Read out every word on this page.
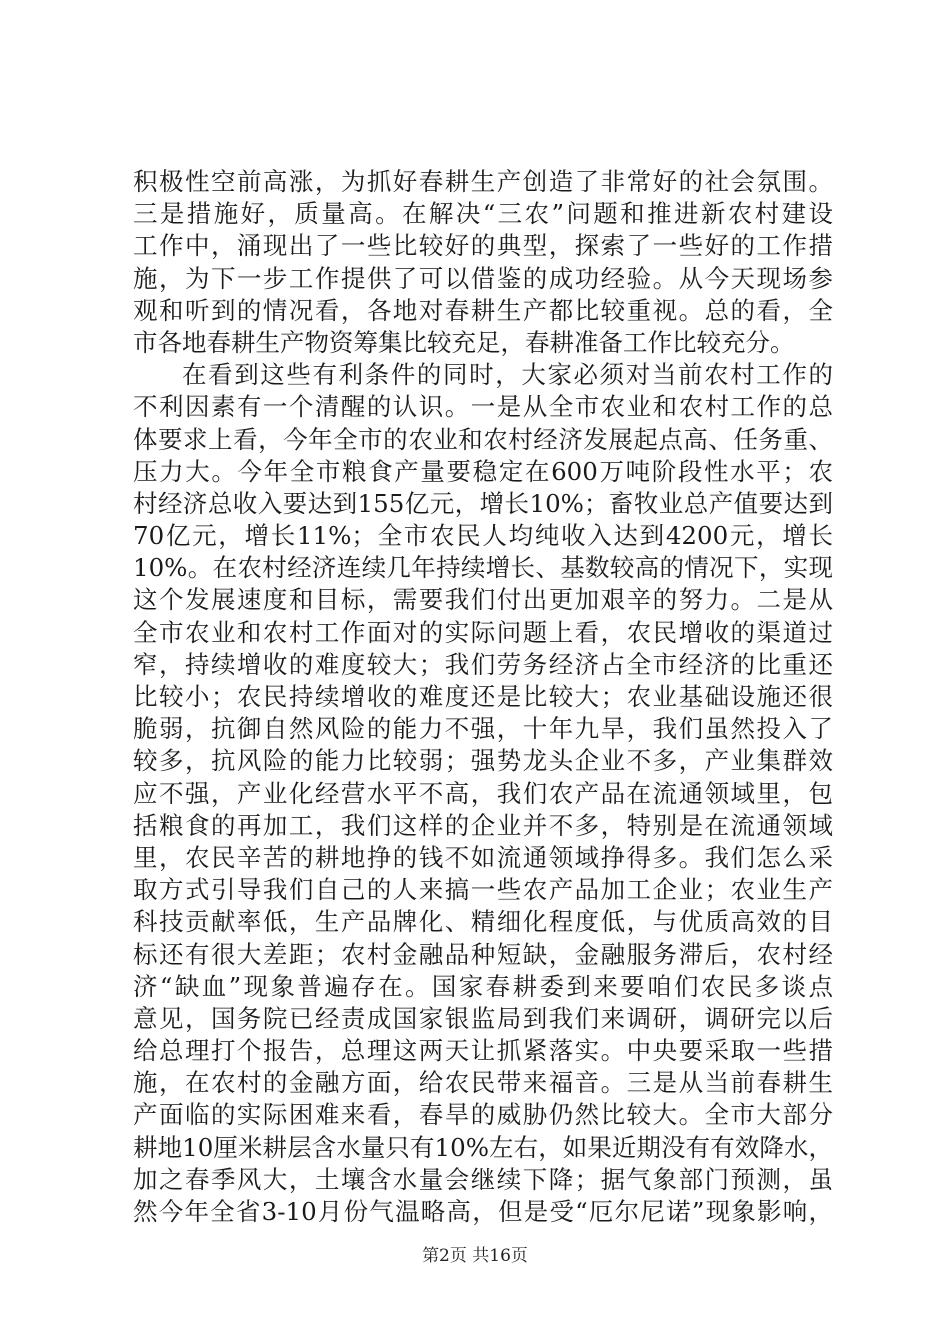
积极性空前高涨，为抓好春耕生产创造了非常好的社会氛围。
三是措施好，质量高。在解决“三农”问题和推进新农村建设
工作中，涌现出了一些比较好的典型，探索了一些好的工作措
施，为下一步工作提供了可以借鉴的成功经验。从今天现场参
观和听到的情况看，各地对春耕生产都比较重视。总的看，全
市各地春耕生产物资筹集比较充足，春耕准备工作比较充分。
在看到这些有利条件的同时，大家必须对当前农村工作的
不利因素有一个清醒的认识。一是从全市农业和农村工作的总
体要求上看，今年全市的农业和农村经济发展起点高、任务重、
压力大。今年全市粮食产量要稳定在600万吨阶段性水平；农
村经济总收入要达到155亿元，增长10%；畜牧业总产值要达到
70亿元，增长11%；全市农民人均纯收入达到4200元，增长
10%。在农村经济连续几年持续增长、基数较高的情况下，实现
这个发展速度和目标，需要我们付出更加艰辛的努力。二是从
全市农业和农村工作面对的实际问题上看，农民增收的渠道过
窄，持续增收的难度较大；我们劳务经济占全市经济的比重还
比较小；农民持续增收的难度还是比较大；农业基础设施还很
脆弱，抗御自然风险的能力不强，十年九旱，我们虽然投入了
较多，抗风险的能力比较弱；强势龙头企业不多，产业集群效
应不强，产业化经营水平不高，我们农产品在流通领域里，包
括粮食的再加工，我们这样的企业并不多，特别是在流通领域
里，农民辛苦的耕地挣的钱不如流通领域挣得多。我们怎么采
取方式引导我们自己的人来搞一些农产品加工企业；农业生产
科技贡献率低，生产品牌化、精细化程度低，与优质高效的目
标还有很大差距；农村金融品种短缺，金融服务滞后，农村经
济“缺血”现象普遍存在。国家春耕委到来要咱们农民多谈点
意见，国务院已经责成国家银监局到我们来调研，调研完以后
给总理打个报告，总理这两天让抓紧落实。中央要采取一些措
施，在农村的金融方面，给农民带来福音。三是从当前春耕生
产面临的实际困难来看，春旱的威胁仍然比较大。全市大部分
耕地10厘米耕层含水量只有10%左右，如果近期没有有效降水，
加之春季风大，土壤含水量会继续下降；据气象部门预测，虽
然今年全省3-10月份气温略高，但是受“厄尔尼诺”现象影响，
第2页 共16页
